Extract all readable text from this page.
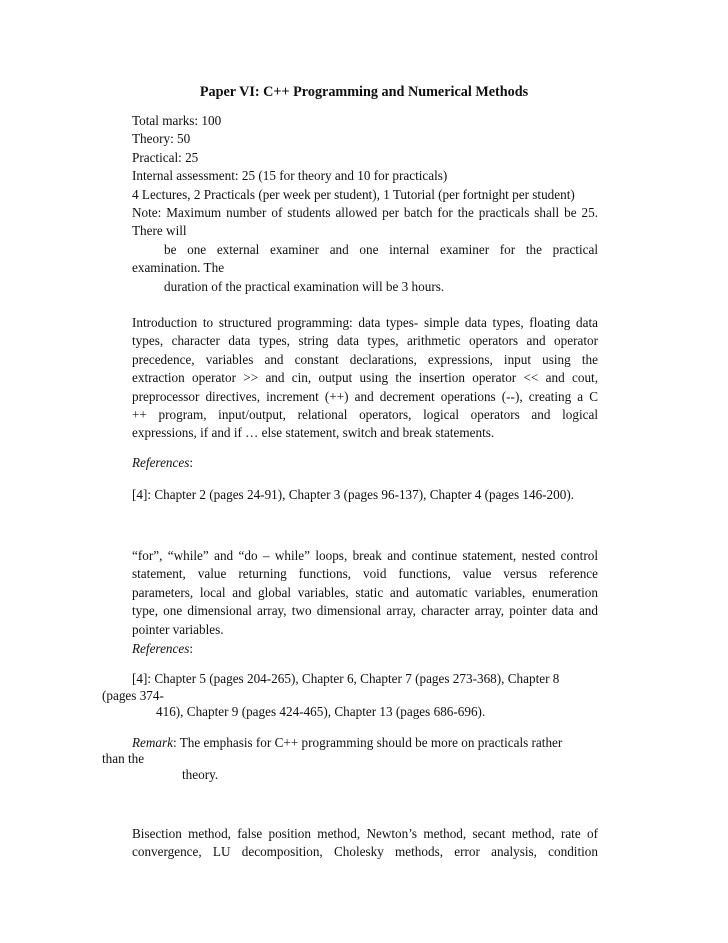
Paper VI: C++ Programming and Numerical Methods
Total marks: 100
Theory: 50
Practical: 25
Internal assessment: 25 (15 for theory and 10 for practicals)
4 Lectures, 2 Practicals (per week per student), 1 Tutorial (per fortnight per student)
Note: Maximum number of students allowed per batch for the practicals shall be 25.
There will
be one external examiner and one internal examiner for the practical
examination. The
duration of the practical examination will be 3 hours.
Introduction to structured programming: data types- simple data types, floating data
types, character data types, string data types, arithmetic operators and operator
precedence, variables and constant declarations, expressions, input using the
extraction operator >> and cin, output using the insertion operator << and cout,
preprocessor directives, increment (++) and decrement operations (--), creating a C
++ program, input/output, relational operators, logical operators and logical
expressions, if and if … else statement, switch and break statements.
References:
[4]: Chapter 2 (pages 24-91), Chapter 3 (pages 96-137), Chapter 4 (pages 146-200).
“for”, “while” and “do – while” loops, break and continue statement, nested control
statement, value returning functions, void functions, value versus reference
parameters, local and global variables, static and automatic variables, enumeration
type, one dimensional array, two dimensional array, character array, pointer data and
pointer variables.
References:
[4]: Chapter 5 (pages 204-265), Chapter 6, Chapter 7 (pages 273-368), Chapter 8
(pages 374-
416), Chapter 9 (pages 424-465), Chapter 13 (pages 686-696).
Remark: The emphasis for C++ programming should be more on practicals rather
than the
theory.
Bisection method, false position method, Newton’s method, secant method, rate of
convergence, LU decomposition, Cholesky methods, error analysis, condition
